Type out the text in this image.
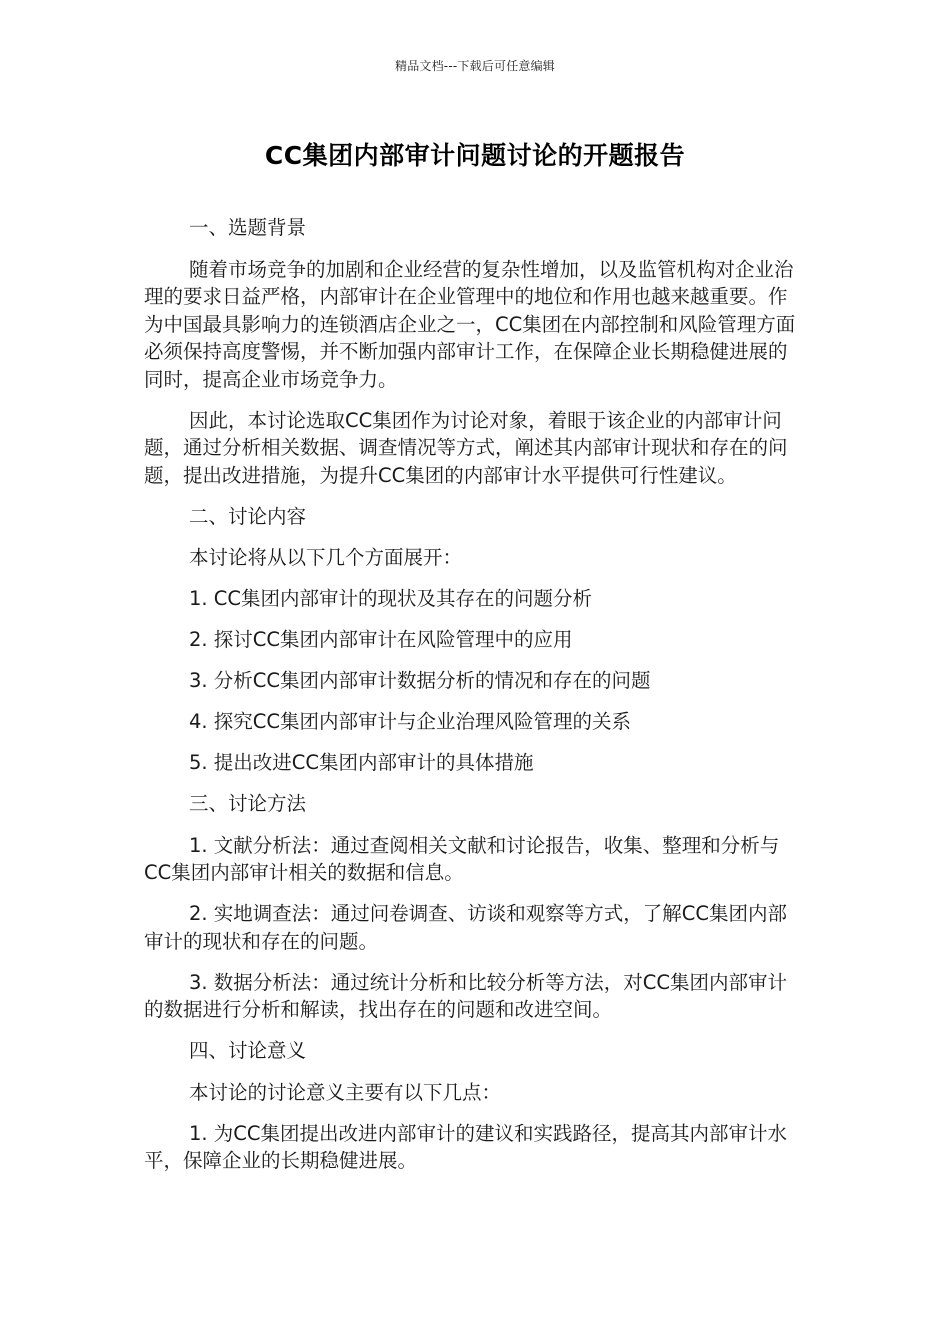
精品文档---下载后可任意编辑
CC集团内部审计问题讨论的开题报告

一、选题背景

随着市场竞争的加剧和企业经营的复杂性增加，以及监管机构对企业治理的要求日益严格，内部审计在企业管理中的地位和作用也越来越重要。作为中国最具影响力的连锁酒店企业之一，CC集团在内部控制和风险管理方面必须保持高度警惕，并不断加强内部审计工作，在保障企业长期稳健进展的同时，提高企业市场竞争力。

因此，本讨论选取CC集团作为讨论对象，着眼于该企业的内部审计问题，通过分析相关数据、调查情况等方式，阐述其内部审计现状和存在的问题，提出改进措施，为提升CC集团的内部审计水平提供可行性建议。

二、讨论内容

本讨论将从以下几个方面展开：

1. CC集团内部审计的现状及其存在的问题分析

2. 探讨CC集团内部审计在风险管理中的应用

3. 分析CC集团内部审计数据分析的情况和存在的问题

4. 探究CC集团内部审计与企业治理风险管理的关系

5. 提出改进CC集团内部审计的具体措施

三、讨论方法

1. 文献分析法：通过查阅相关文献和讨论报告，收集、整理和分析与CC集团内部审计相关的数据和信息。

2. 实地调查法：通过问卷调查、访谈和观察等方式，了解CC集团内部审计的现状和存在的问题。

3. 数据分析法：通过统计分析和比较分析等方法，对CC集团内部审计的数据进行分析和解读，找出存在的问题和改进空间。

四、讨论意义

本讨论的讨论意义主要有以下几点：

1. 为CC集团提出改进内部审计的建议和实践路径，提高其内部审计水平，保障企业的长期稳健进展。
